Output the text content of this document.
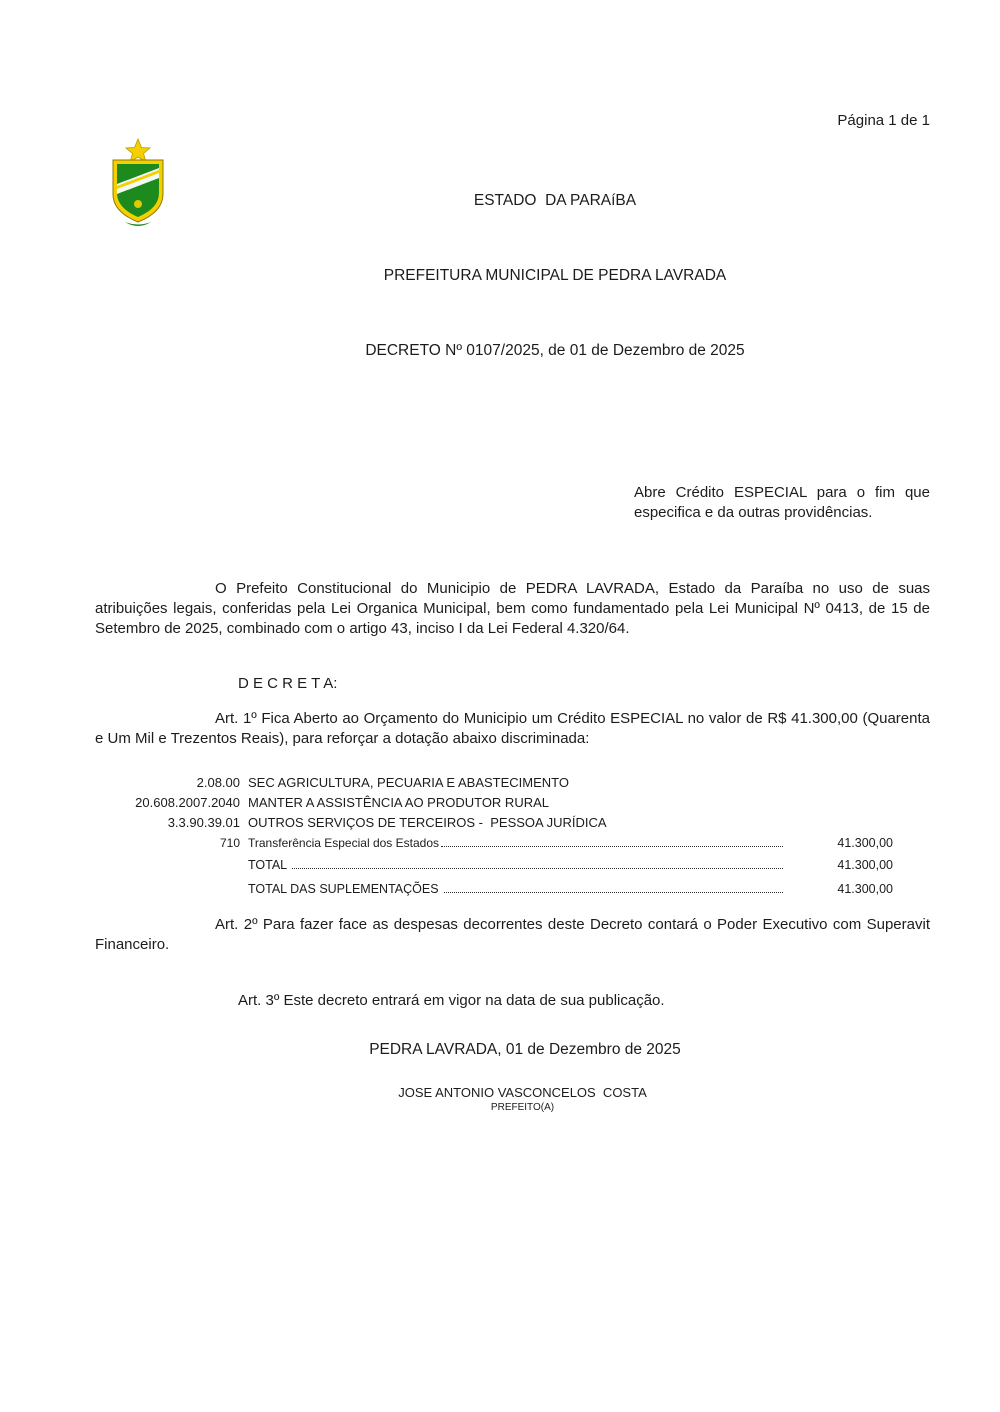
Página 1 de 1

ESTADO  DA PARAíBA

PREFEITURA MUNICIPAL DE PEDRA LAVRADA

DECRETO Nº 0107/2025, de 01 de Dezembro de 2025

Abre Crédito ESPECIAL para o fim que especifica e da outras providências.
O Prefeito Constitucional do Municipio de PEDRA LAVRADA, Estado da Paraíba no uso de suas atribuições legais, conferidas pela Lei Organica Municipal, bem como fundamentado pela Lei Municipal Nº 0413, de 15 de Setembro de 2025, combinado com o artigo 43, inciso I da Lei Federal 4.320/64.
D E C R E T A:
Art. 1º Fica Aberto ao Orçamento do Municipio um Crédito ESPECIAL no valor de R$ 41.300,00 (Quarenta e Um Mil e Trezentos Reais), para reforçar a dotação abaixo discriminada:
2.08.00 SEC AGRICULTURA, PECUARIA E ABASTECIMENTO
20.608.2007.2040 MANTER A ASSISTÊNCIA AO PRODUTOR RURAL
3.3.90.39.01 OUTROS SERVIÇOS DE TERCEIROS -  PESSOA JURÍDICA
710 Transferência Especial dos Estados	41.300,00
TOTAL	41.300,00
TOTAL DAS SUPLEMENTAÇÕES	41.300,00
Art. 2º Para fazer face as despesas decorrentes deste Decreto contará o Poder Executivo com Superavit Financeiro.
Art. 3º Este decreto entrará em vigor na data de sua publicação.
PEDRA LAVRADA, 01 de Dezembro de 2025
JOSE ANTONIO VASCONCELOS  COSTA
PREFEITO(A)
